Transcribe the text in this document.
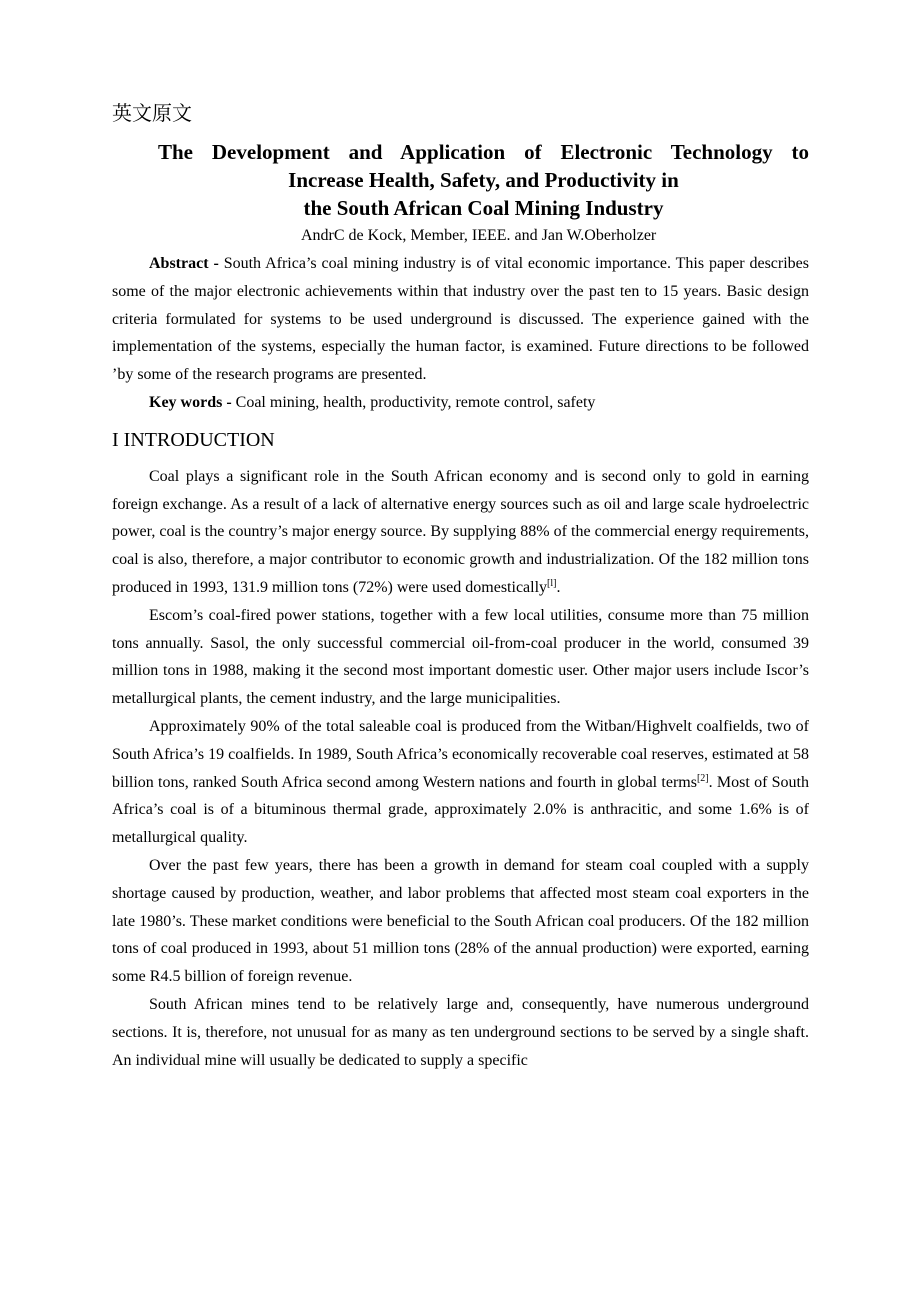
英文原文
The Development and Application of Electronic Technology to
Increase Health, Safety, and Productivity in
the South African Coal Mining Industry
AndrC de Kock, Member, IEEE. and Jan W.Oberholzer

Abstract - South Africa’s coal mining industry is of vital economic importance. This paper describes some of the major electronic achievements within that industry over the past ten to 15 years. Basic design criteria formulated for systems to be used underground is discussed. The experience gained with the implementation of the systems, especially the human factor, is examined. Future directions to be followed ’by some of the research programs are presented.

Key words - Coal mining, health, productivity, remote control, safety

I INTRODUCTION

Coal plays a significant role in the South African economy and is second only to gold in earning foreign exchange. As a result of a lack of alternative energy sources such as oil and large scale hydroelectric power, coal is the country’s major energy source. By supplying 88% of the commercial energy requirements, coal is also, therefore, a major contributor to economic growth and industrialization. Of the 182 million tons produced in 1993, 131.9 million tons (72%) were used domestically[l].

Escom’s coal-fired power stations, together with a few local utilities, consume more than 75 million tons annually. Sasol, the only successful commercial oil-from-coal producer in the world, consumed 39 million tons in 1988, making it the second most important domestic user. Other major users include Iscor’s metallurgical plants, the cement industry, and the large municipalities.

Approximately 90% of the total saleable coal is produced from the Witban/Highvelt coalfields, two of South Africa’s 19 coalfields. In 1989, South Africa’s economically recoverable coal reserves, estimated at 58 billion tons, ranked South Africa second among Western nations and fourth in global terms[2]. Most of South Africa’s coal is of a bituminous thermal grade, approximately 2.0% is anthracitic, and some 1.6% is of metallurgical quality.

Over the past few years, there has been a growth in demand for steam coal coupled with a supply shortage caused by production, weather, and labor problems that affected most steam coal exporters in the late 1980’s. These market conditions were beneficial to the South African coal producers. Of the 182 million tons of coal produced in 1993, about 51 million tons (28% of the annual production) were exported, earning some R4.5 billion of foreign revenue.

South African mines tend to be relatively large and, consequently, have numerous underground sections. It is, therefore, not unusual for as many as ten underground sections to be served by a single shaft. An individual mine will usually be dedicated to supply a specific
